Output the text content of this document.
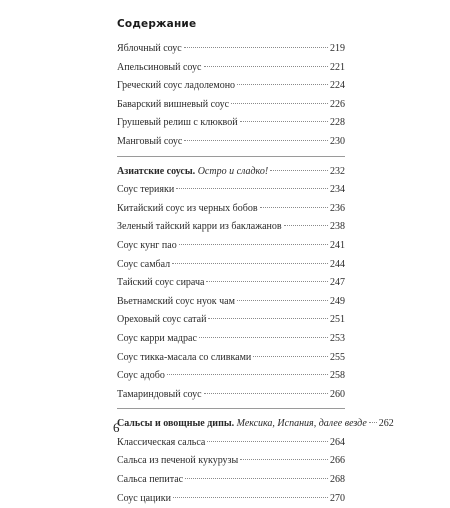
Содержание
Яблочный соус	219
Апельсиновый соус	221
Греческий соус ладолемоно	224
Баварский вишневый соус	226
Грушевый релиш с клюквой	228
Манговый соус	230
Азиатские соусы. Остро и сладко!	232
Соус терияки	234
Китайский соус из черных бобов	236
Зеленый тайский карри из баклажанов	238
Соус кунг пао	241
Соус самбал	244
Тайский соус сирача	247
Вьетнамский соус нуок чам	249
Ореховый соус сатай	251
Соус карри мадрас	253
Соус тикка-масала со сливками	255
Соус адобо	258
Тамариндовый соус	260
Сальсы и овощные дипы. Мексика, Испания, далее везде 262
Классическая сальса	264
Сальса из печеной кукурузы	266
Сальса пепитас	268
Соус цацики	270
6
